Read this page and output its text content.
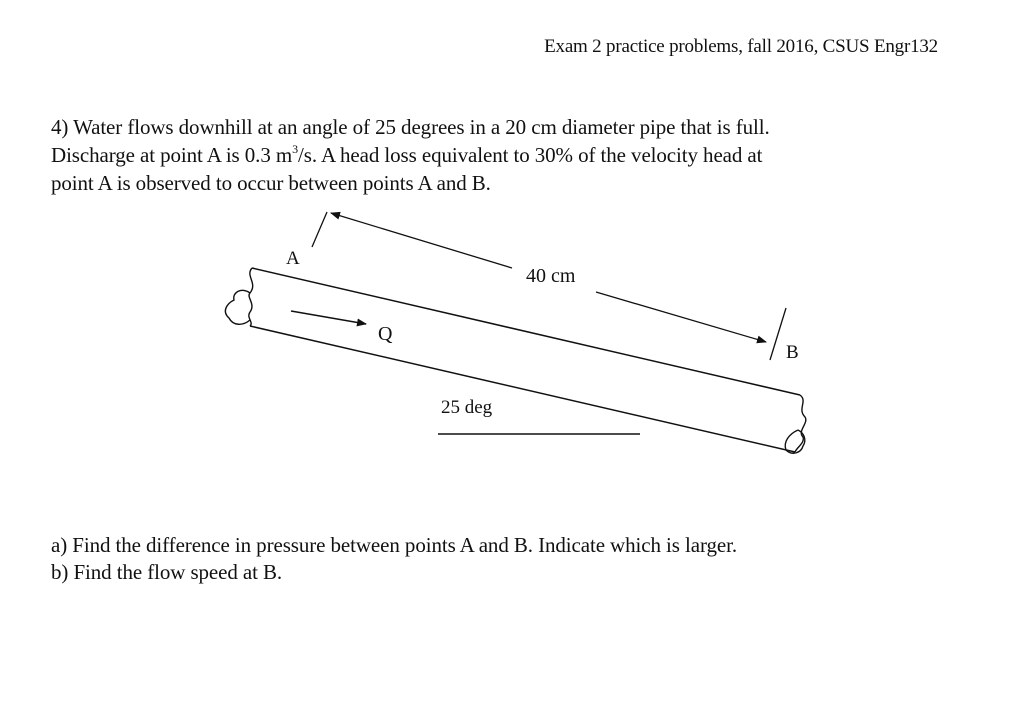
Exam 2 practice problems, fall 2016, CSUS Engr132

4) Water flows downhill at an angle of 25 degrees in a 20 cm diameter pipe that is full.

Discharge at point A is 0.3 $m^3/s$. A head loss equivalent to 30% of the velocity head at

point A is observed to occur between points A and B.

Q
A
B
40 cm
25 deg

a) Find the difference in pressure between points A and B. Indicate which is larger.

b) Find the flow speed at B.
